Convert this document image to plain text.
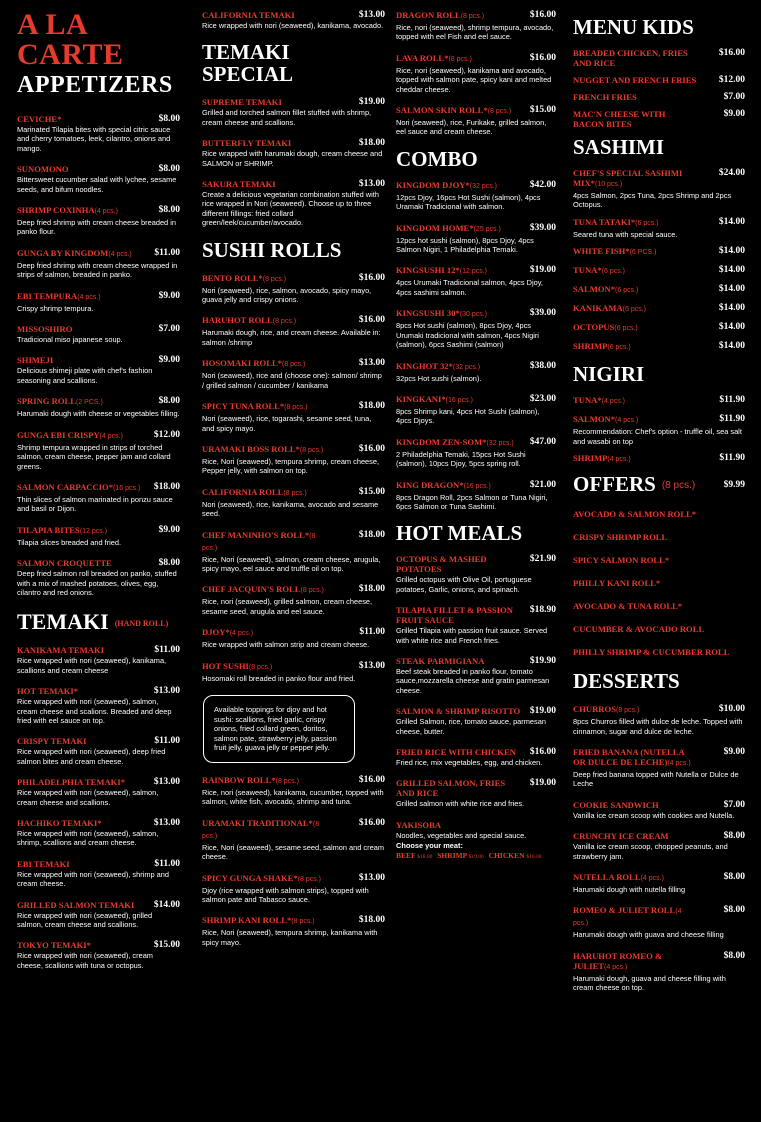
A LA CARTE
APPETIZERS
CEVICHE*	$8.00
Marinated Tilapia bites with special citric sauce and cherry tomatoes, leek, cilantro, onions and mango.
SUNOMONO	$8.00
Bittersweet cucumber salad with lychee, sesame seeds, and bifum noodles.
SHRIMP COXINHA(4 pcs.)	$8.00
Deep fried shrimp with cream cheese breaded in panko flour.
GUNGA BY KINGDOM(4 pcs.) $11.00
Deep fried shrimp with cream cheese wrapped in strips of salmon, breaded in panko.
EBI TEMPURA(4 pcs.)	$9.00
Crispy shrimp tempura.
MISSOSHIRO	$7.00
Tradicional miso japanese soup.
SHIMEJI	$9.00
Delicious shimeji plate with chef's fashion seasoning and scallions.
SPRING ROLL(2 PCS.)	$8.00
Harumaki dough with cheese or vegetables filling.
GUNGA EBI CRISPY(4 pcs.)	$12.00
Shrimp tempura wrapped in strips of torched salmon, cream cheese, pepper jam and collard greens.
SALMON CARPACCIO*(16 pcs.) $18.00
Thin slices of salmon marinated in ponzu sauce and basil or Dijon.
TILAPIA BITES(12 pcs.)	$9.00
Tilapia slices breaded and fried.
SALMON CROQUETTE	$8.00
Deep fried salmon roll breaded on panko, stuffed with a mix of mashed potatoes, olives, egg, cilantro and red onions.
TEMAKI (HAND ROLL)
KANIKAMA TEMAKI	$11.00
Rice wrapped with nori (seaweed), kanikama, scallions and cream cheese
HOT TEMAKI*	$13.00
Rice wrapped with nori (seaweed), salmon, cream cheese and scalions. Breaded and deep fried with eel sauce on top.
CRISPY TEMAKI	$11.00
Rice wrapped with nori (seaweed), deep fried salmon bites and cream cheese.
PHILADELPHIA TEMAKI*	$13.00
Rice wrapped with nori (seaweed), salmon, cream cheese and scallions.
HACHIKO TEMAKI*	$13.00
Rice wrapped with nori (seaweed), salmon, shrimp, scallions and cream cheese.
EBI TEMAKI	$11.00
Rice wrapped with nori (seaweed), shrimp and cream cheese.
GRILLED SALMON TEMAKI $14.00
Rice wrapped with nori (seaweed), grilled salmon, cream cheese and scallions.
TOKYO TEMAKI*	$15.00
Rice wrapped with nori (seaweed), cream cheese, scallions with tuna or octopus.
CALIFORNIA TEMAKI	$13.00
Rice wrapped with nori (seaweed), kanikama, avocado.
TEMAKI SPECIAL
SUPREME TEMAKI	$19.00
Grilled and torched salmon fillet stuffed with shrimp, cream cheese and scallions.
BUTTERFLY TEMAKI	$18.00
Rice wrapped with harumaki dough, cream cheese and SALMON or SHRIMP.
SAKURA TEMAKI	$13.00
Create a delicious vegetarian combination stuffed with rice wrapped in Nori (seaweed). Choose up to three different fillings: fried collard green/leek/cucumber/avocado.
SUSHI ROLLS
BENTO ROLL*(8 pcs.)	$16.00
Nori (seaweed), rice, salmon, avocado, spicy mayo, guava jelly and crispy onions.
HARUHOT ROLL(8 pcs.)	$16.00
Harumaki dough, rice, and cream cheese. Available in: salmon /shrimp
HOSOMAKI ROLL*(8 pcs.)	$13.00
Nori (seaweed), rice and (choose one): salmon/ shrimp / grilled salmon / cucumber / kanikama
SPICY TUNA ROLL*(8 pcs.)	$18.00
Nori (seaweed), rice, togarashi, sesame seed, tuna, and spicy mayo.
URAMAKI BOSS ROLL*(8 pcs.)	$16.00
Rice, Nori (seaweed), tempura shrimp, cream cheese, Pepper jelly, with salmon on top.
CALIFORNIA ROLL(8 pcs.)	$15.00
Nori (seaweed), rice, kanikama, avocado and sesame seed.
CHEF MANINHO'S ROLL*(8 pcs.)
$18.00
Rice, Nori (seaweed), salmon, cream cheese, arugula, spicy mayo, eel sauce and truffle oil on top.
CHEF JACQUIN'S ROLL(8 pcs.)	$18.00
Rice, nori (seaweed), grilled salmon, cream cheese, sesame seed, arugula and eel sauce.
DJOY*(4 pcs.)	$11.00
Rice wrapped with salmon strip and cream cheese.
HOT SUSHI(8 pcs.)	$13.00
Hosomaki roll breaded in panko flour and fried.
Available toppings for djoy and hot sushi: scallions, fried garlic, crispy onions, fried collard green, doritos, salmon pate, strawberry jelly, passion fruit jelly, guava jelly or pepper jelly.
RAINBOW ROLL*(8 pcs.)	$16.00
Rice, nori (seaweed), kanikama, cucumber, topped with salmon, white fish, avocado, shrimp and tuna.
URAMAKI TRADITIONAL*(8 pcs.)
$16.00
Rice, Nori (seaweed), sesame seed, salmon and cream cheese.
SPICY GUNGA SHAKE*(8 pcs.)	$13.00
Djoy (rice wrapped with salmon strips), topped with salmon pate and Tabasco sauce.
SHRIMP KANI ROLL*(8 pcs.)	$18.00
Rice, Nori (seaweed), tempura shrimp, kanikama with spicy mayo.
DRAGON ROLL(8 pcs.)	$16.00
Rice, nori (seaweed), shrimp tempura, avocado, topped with eel Fish and eel sauce.
LAVA ROLL*(8 pcs.)	$16.00
Rice, nori (seaweed), kanikama and avocado, topped with salmon pate, spicy kani and melted cheddar cheese.
SALMON SKIN ROLL*(8 pcs.) $15.00
Nori (seaweed), rice, Furikake, grilled salmon, eel sauce and cream cheese.
COMBO
KINGDOM DJOY*(32 pcs.)	$42.00
12pcs Djoy, 16pcs Hot Sushi (salmon), 4pcs Uramaki Tradicional with salmon.
KINGDOM HOME*(25 pcs.)	$39.00
12pcs hot sushi (salmon), 8pcs Djoy, 4pcs Salmon Nigiri, 1 Philadelphia Temaki.
KINGSUSHI 12*(12 pcs.)	$19.00
4pcs Urumaki Tradicional salmon, 4pcs Djoy, 4pcs sashimi salmon.
KINGSUSHI 30*(30 pcs.)	$39.00
8pcs Hot sushi (salmon), 8pcs Djoy, 4pcs Urumaki tradicional with salmon, 4pcs Nigiri (salmon), 6pcs Sashimi (salmon)
KINGHOT 32*(32 pcs.)	$38.00
32pcs Hot sushi (salmon).
KINGKANI*(16 pcs.)	$23.00
8pcs Shrimp kani, 4pcs Hot Sushi (salmon), 4pcs Djoys.
KINGDOM ZEN-SOM*(32 pcs.) $47.00
2 Philadelphia Temaki, 15pcs Hot Sushi (salmon), 10pcs Djoy, 5pcs spring roll.
KING DRAGON*(16 pcs.)	$21.00
8pcs Dragon Roll, 2pcs Salmon or Tuna Nigiri, 6pcs Salmon or Tuna Sashimi.
HOT MEALS
OCTOPUS & MASHED POTATOES
$21.90
Grilled octopus with Olive Oil, portuguese potatoes, Garlic, onions, and spinach.
TILAPIA FILLET & PASSION FRUIT SAUCE
$18.90
Grilled Tilapia with passion fruit sauce. Served with white rice and French fries.
STEAK PARMIGIANA	$19.90
Beef steak breaded in panko flour, tomato sauce,mozzarella cheese and gratin parmesan cheese.
SALMON & SHRIMP RISOTTO $19.00
Grilled Salmon, rice, tomato sauce, parmesan cheese, butter.
FRIED RICE WITH CHICKEN $16.00
Fried rice, mix vegetables, egg, and chicken.
GRILLED SALMON, FRIES AND RICE
$19.00
Grilled salmon with white rice and fries.
YAKISOBA
Noodles, vegetables and special sauce.
Choose your meat:
BEEF $18.00 SHRIMP $19.00 CHICKEN $16.00
MENU KIDS
BREADED CHICKEN, FRIES AND RICE
$16.00
NUGGET AND FRENCH FRIES $12.00
FRENCH FRIES	$7.00
MAC'N CHEESE WITH BACON BITES
$9.00
SASHIMI
CHEF'S SPECIAL SASHIMI MIX*(10 pcs.)
$24.00
4pcs Salmon, 2pcs Tuna, 2pcs Shrimp and 2pcs Octopus.
TUNA TATAKI*(6 pcs.)	$14.00
Seared tuna with special sauce.
WHITE FISH*(6 PCS.)	$14.00
TUNA*(6 pcs.)	$14.00
SALMON*(6 pcs.)	$14.00
KANIKAMA(6 pcs.)	$14.00
OCTOPUS(6 pcs.)	$14.00
SHRIMP(6 pcs.)	$14.00
NIGIRI
TUNA*(4 pcs.)	$11.90
SALMON*(4 pcs.)	$11.90
Recommendation: Chef's option - truffle oil, sea salt and wasabi on top
SHRIMP(4 pcs.)	$11.90
OFFERS (8 pcs.)	$9.99
AVOCADO & SALMON ROLL*
CRISPY SHRIMP ROLL
SPICY SALMON ROLL*
PHILLY KANI ROLL*
AVOCADO & TUNA ROLL*
CUCUMBER & AVOCADO ROLL
PHILLY SHRIMP & CUCUMBER ROLL
DESSERTS
CHURROS(8 pcs.)	$10.00
8pcs Churros filled with dulce de leche. Topped with cinnamon, sugar and dulce de leche.
FRIED BANANA (NUTELLA OR DULCE DE LECHE)(4 pcs.)
$9.00
Deep fried banana topped with Nutella or Dulce de Leche
COOKIE SANDWICH	$7.00
Vanilla ice cream scoop with cookies and Nutella.
CRUNCHY ICE CREAM	$8.00
Vanilla ice cream scoop, chopped peanuts, and strawberry jam.
NUTELLA ROLL(4 pcs.)	$8.00
Harumaki dough with nutella filling
ROMEO & JULIET ROLL(4 pcs.)
$8.00
Harumaki dough with guava and cheese filling
HARUHOT ROMEO & JULIET(4 pcs.)
$8.00
Harumaki dough, guava and cheese filling with cream cheese on top.
